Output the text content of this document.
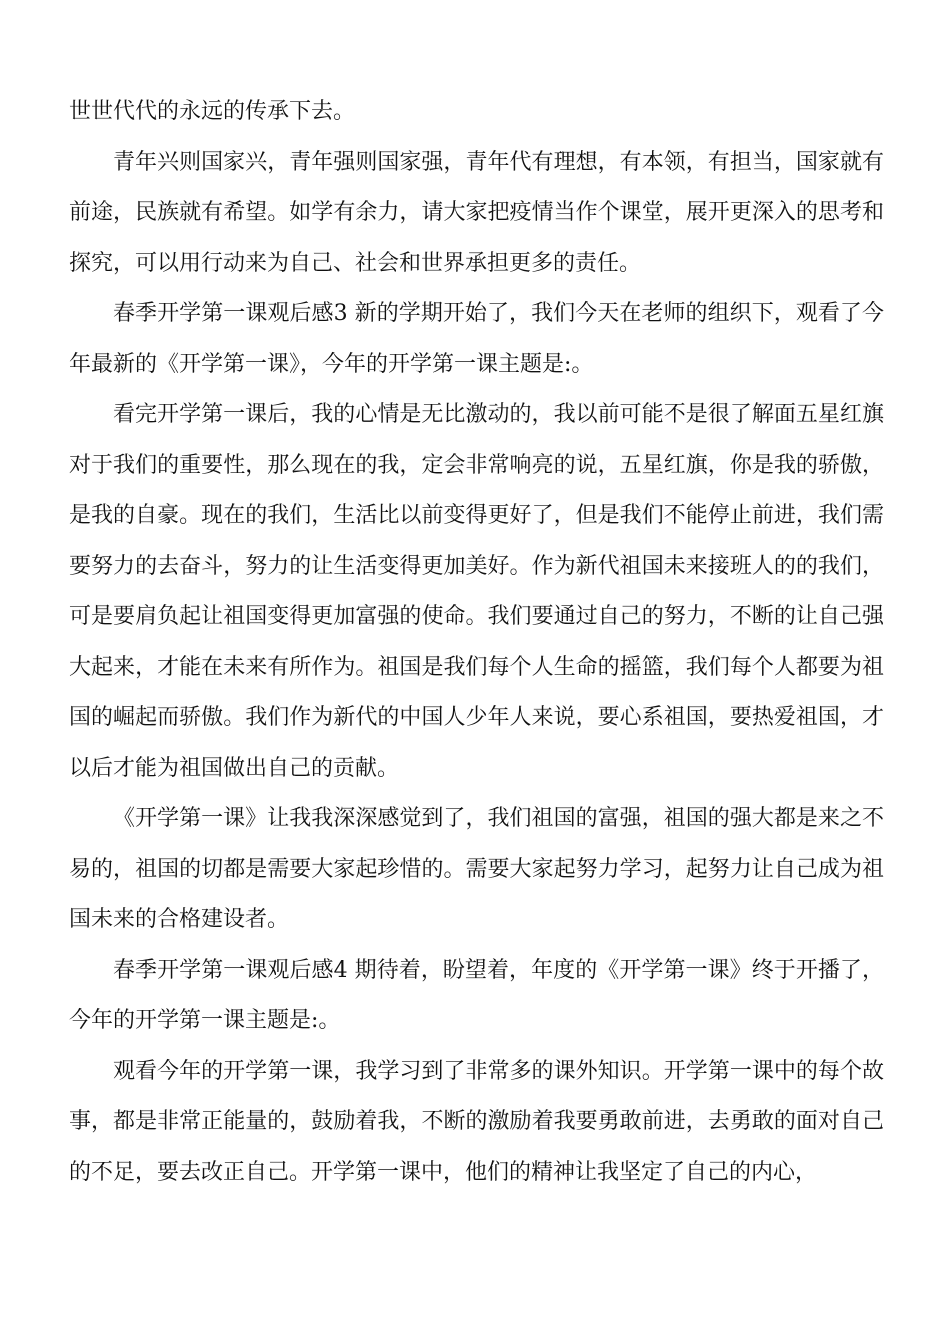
世世代代的永远的传承下去。

青年兴则国家兴，青年强则国家强，青年代有理想，有本领，有担当，国家就有前途，民族就有希望。如学有余力，请大家把疫情当作个课堂，展开更深入的思考和探究，可以用行动来为自己、社会和世界承担更多的责任。

春季开学第一课观后感3 新的学期开始了，我们今天在老师的组织下，观看了今年最新的《开学第一课》，今年的开学第一课主题是:。

看完开学第一课后，我的心情是无比激动的，我以前可能不是很了解面五星红旗对于我们的重要性，那么现在的我，定会非常响亮的说，五星红旗，你是我的骄傲，是我的自豪。现在的我们，生活比以前变得更好了，但是我们不能停止前进，我们需要努力的去奋斗，努力的让生活变得更加美好。作为新代祖国未来接班人的的我们，可是要肩负起让祖国变得更加富强的使命。我们要通过自己的努力，不断的让自己强大起来，才能在未来有所作为。祖国是我们每个人生命的摇篮，我们每个人都要为祖国的崛起而骄傲。我们作为新代的中国人少年人来说，要心系祖国，要热爱祖国，才以后才能为祖国做出自己的贡献。

《开学第一课》让我我深深感觉到了，我们祖国的富强，祖国的强大都是来之不易的，祖国的切都是需要大家起珍惜的。需要大家起努力学习，起努力让自己成为祖国未来的合格建设者。

春季开学第一课观后感4 期待着，盼望着，年度的《开学第一课》终于开播了，今年的开学第一课主题是:。

观看今年的开学第一课，我学习到了非常多的课外知识。开学第一课中的每个故事，都是非常正能量的，鼓励着我，不断的激励着我要勇敢前进，去勇敢的面对自己的不足，要去改正自己。开学第一课中，他们的精神让我坚定了自己的内心，
